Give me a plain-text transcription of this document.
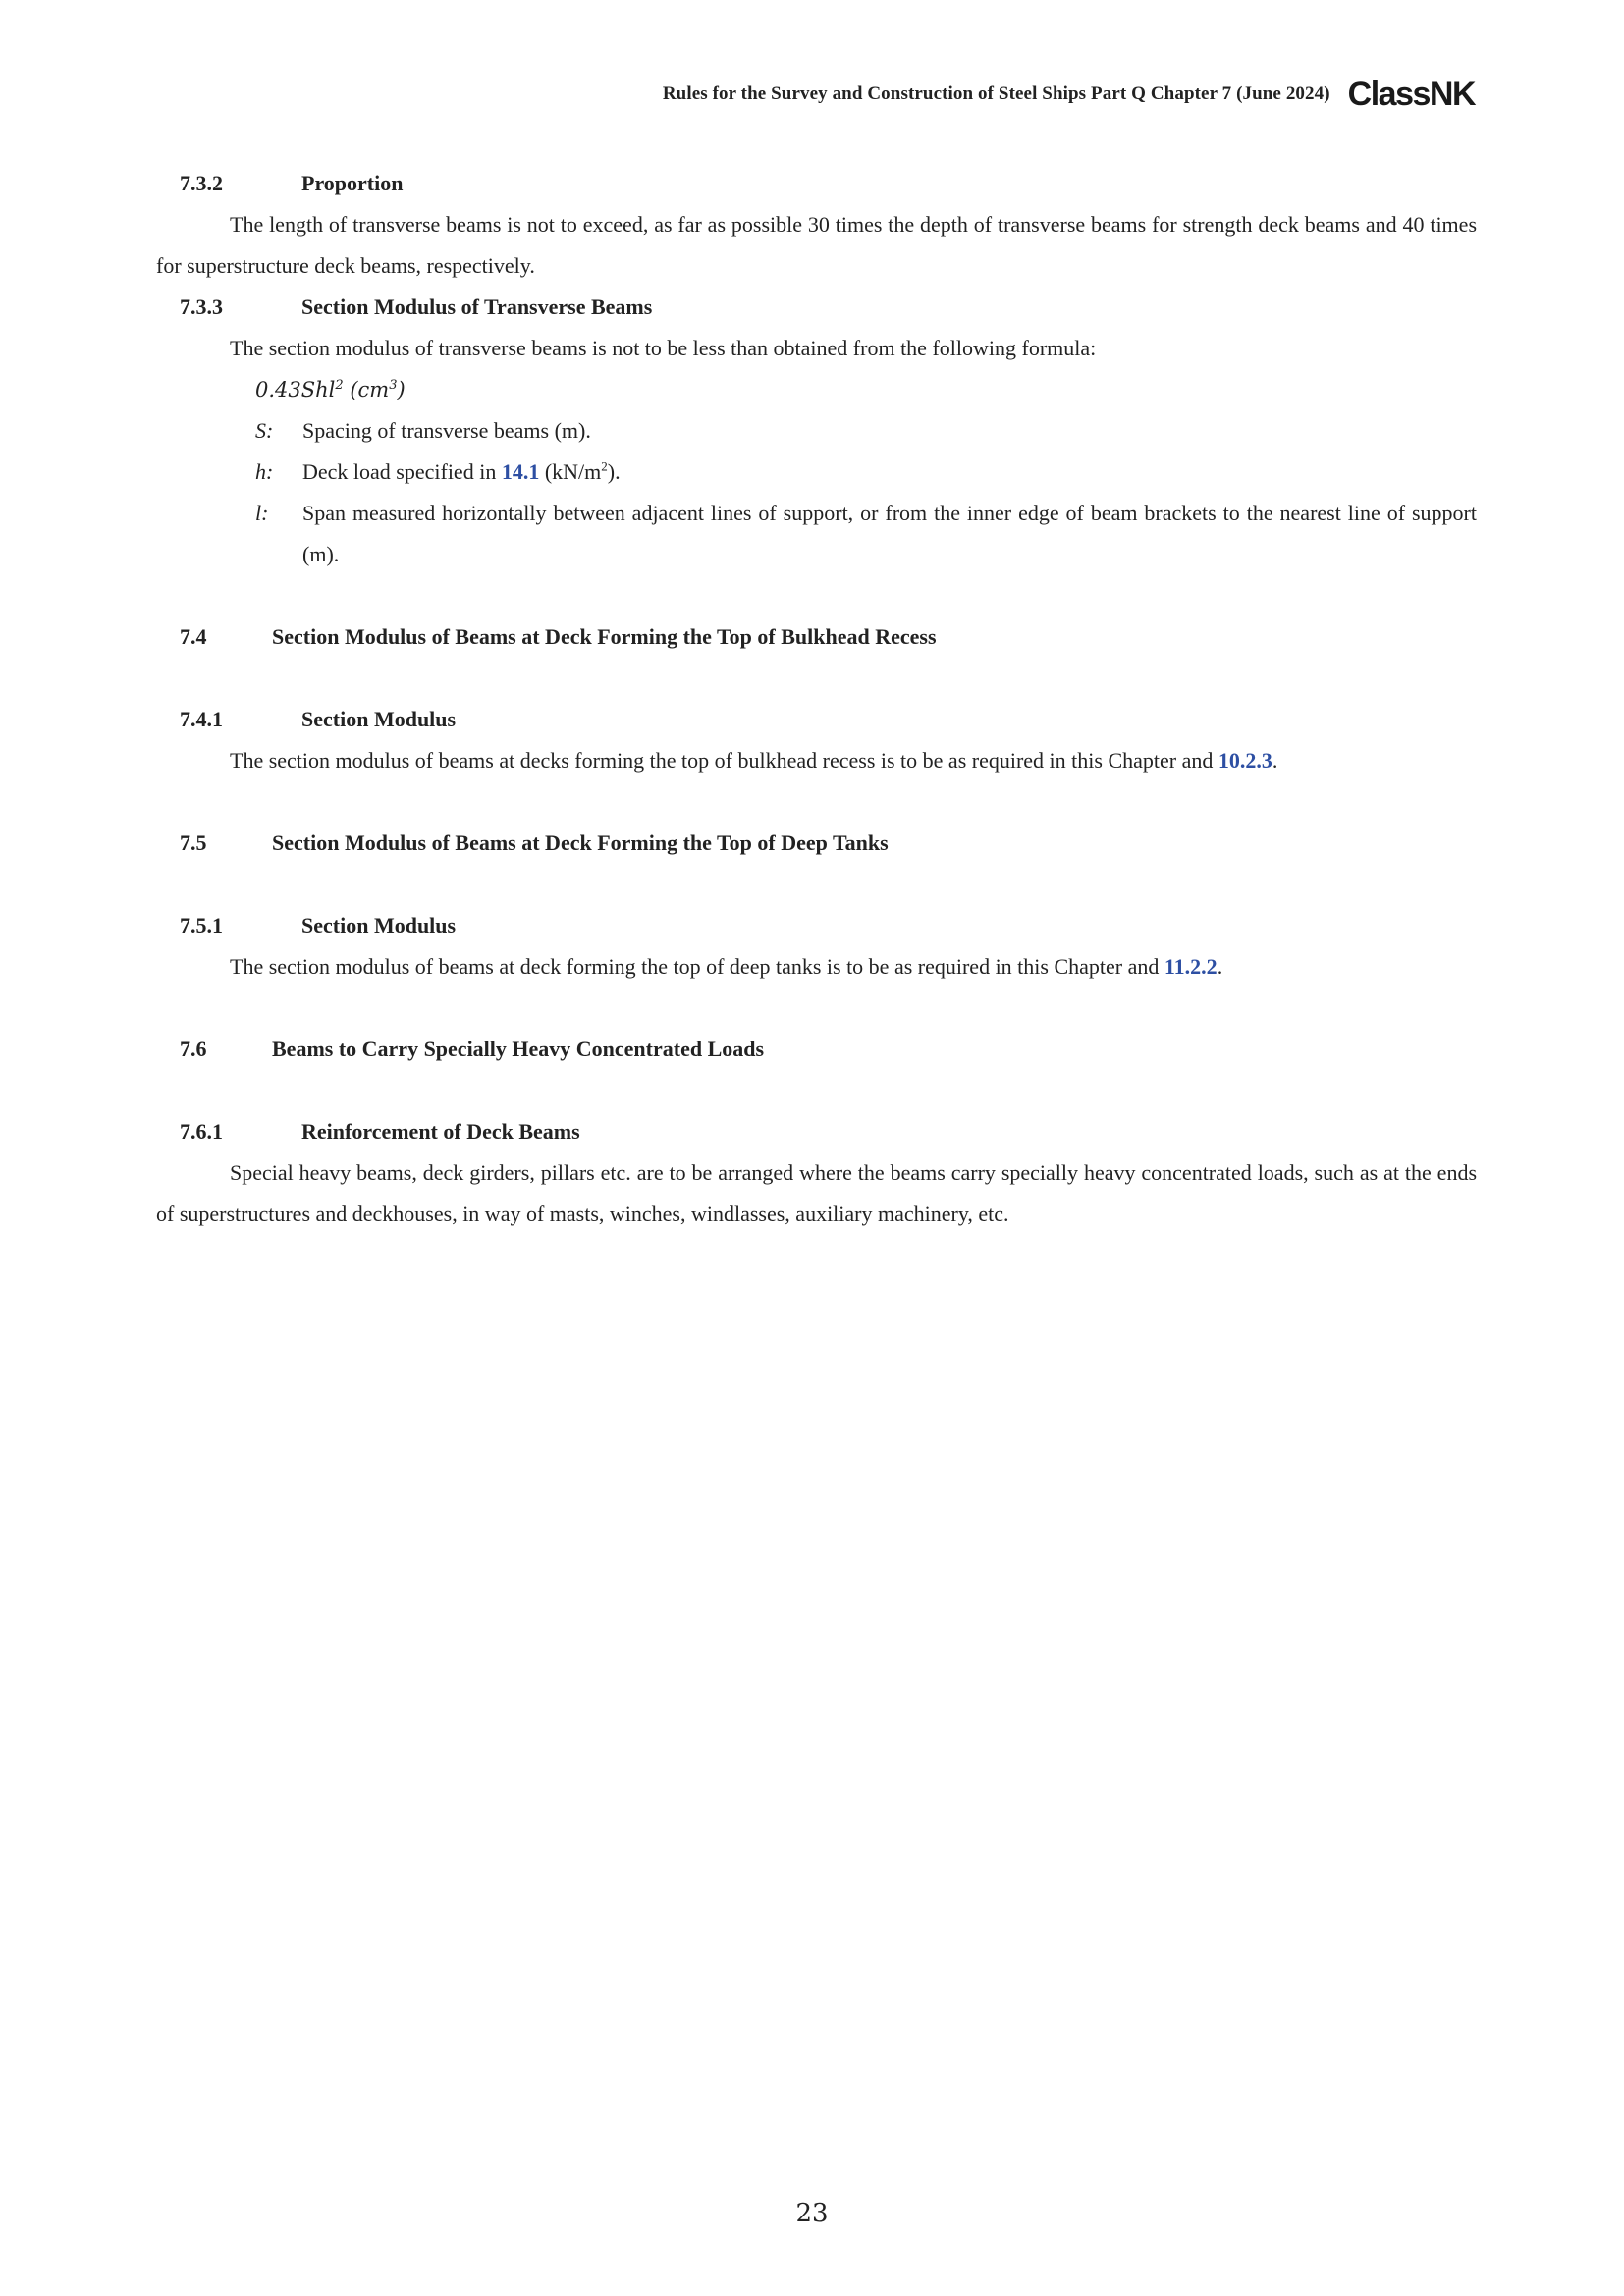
Rules for the Survey and Construction of Steel Ships Part Q Chapter 7 (June 2024) ClassNK
7.3.2	Proportion

The length of transverse beams is not to exceed, as far as possible 30 times the depth of transverse beams for strength deck beams and 40 times for superstructure deck beams, respectively.

7.3.3	Section Modulus of Transverse Beams

The section modulus of transverse beams is not to be less than obtained from the following formula:

0.43Shl$^2$ $(cm^3)$
S:	Spacing of transverse beams (m).
h:	Deck load specified in 14.1 $(kN/m^2)$.
l:	Span measured horizontally between adjacent lines of support, or from the inner edge of beam brackets to the nearest line of support (m).
7.4	Section Modulus of Beams at Deck Forming the Top of Bulkhead Recess
7.4.1	Section Modulus

The section modulus of beams at decks forming the top of bulkhead recess is to be as required in this Chapter and 10.2.3.

7.5	Section Modulus of Beams at Deck Forming the Top of Deep Tanks
7.5.1	Section Modulus

The section modulus of beams at deck forming the top of deep tanks is to be as required in this Chapter and 11.2.2.

7.6	Beams to Carry Specially Heavy Concentrated Loads
7.6.1	Reinforcement of Deck Beams

Special heavy beams, deck girders, pillars etc. are to be arranged where the beams carry specially heavy concentrated loads, such as at the ends of superstructures and deckhouses, in way of masts, winches, windlasses, auxiliary machinery, etc.

23
